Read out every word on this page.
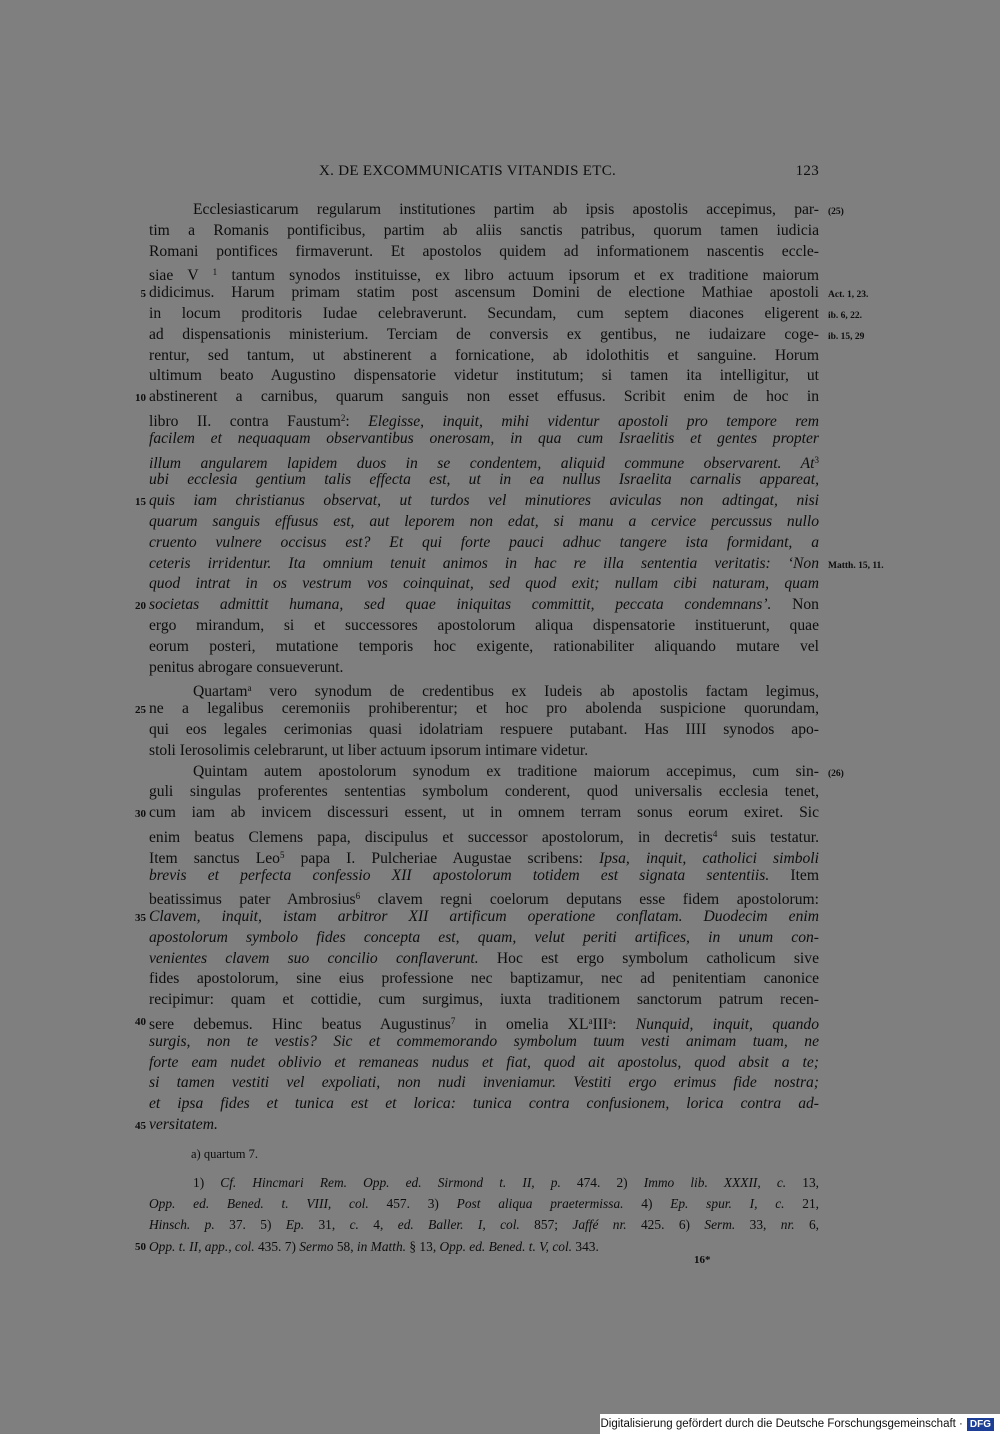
X. DE EXCOMMUNICATIS VITANDIS ETC.	123
Ecclesiasticarum regularum institutiones partim ab ipsis apostolis accepimus, par- (25)
tim a Romanis pontificibus, partim ab aliis sanctis patribus, quorum tamen iudicia
Romani pontifices firmaverunt. Et apostolos quidem ad informationem nascentis eccle-
siae V $^1$ tantum synodos instituisse, ex libro actuum ipsorum et ex traditione maiorum
5 didicimus. Harum primam statim post ascensum Domini de electione Mathiae apostoli Act. 1, 23.
in locum proditoris Iudae celebraverunt. Secundam, cum septem diacones eligerent ib. 6, 22.
ad dispensationis ministerium. Terciam de conversis ex gentibus, ne iudaizare coge- ib. 15, 29
rentur, sed tantum, ut abstinerent a fornicatione, ab idolothitis et sanguine. Horum
ultimum beato Augustino dispensatorie videtur institutum; si tamen ita intelligitur, ut
10 abstinerent a carnibus, quarum sanguis non esset effusus. Scribit enim de hoc in
libro II. contra Faustum$^2$: Elegisse, inquit, mihi videntur apostoli pro tempore rem
facilem et nequaquam observantibus onerosam, in qua cum Israelitis et gentes propter
illum angularem lapidem duos in se condentem, aliquid commune observarent. At$^3$
ubi ecclesia gentium talis effecta est, ut in ea nullus Israelita carnalis appareat,
15 quis iam christianus observat, ut turdos vel minutiores aviculas non adtingat, nisi
quarum sanguis effusus est, aut leporem non edat, si manu a cervice percussus nullo
cruento vulnere occisus est? Et qui forte pauci adhuc tangere ista formidant, a
ceteris irridentur. Ita omnium tenuit animos in hac re illa sententia veritatis: ‘Non Matth. 15, 11.
quod intrat in os vestrum vos coinquinat, sed quod exit; nullam cibi naturam, quam
20 societas admittit humana, sed quae iniquitas committit, peccata condemnans’. Non
ergo mirandum, si et successores apostolorum aliqua dispensatorie instituerunt, quae
eorum posteri, mutatione temporis hoc exigente, rationabiliter aliquando mutare vel
penitus abrogare consueverunt.
Quartam$^a$ vero synodum de credentibus ex Iudeis ab apostolis factam legimus,
25 ne a legalibus ceremoniis prohiberentur; et hoc pro abolenda suspicione quorundam,
qui eos legales cerimonias quasi idolatriam respuere putabant. Has IIII synodos apo-
stoli Ierosolimis celebrarunt, ut liber actuum ipsorum intimare videtur.
Quintam autem apostolorum synodum ex traditione maiorum accepimus, cum sin- (26)
guli singulas proferentes sententias symbolum conderent, quod universalis ecclesia tenet,
30 cum iam ab invicem discessuri essent, ut in omnem terram sonus eorum exiret. Sic
enim beatus Clemens papa, discipulus et successor apostolorum, in decretis$^4$ suis testatur.
Item sanctus Leo$^5$ papa I. Pulcheriae Augustae scribens: Ipsa, inquit, catholici simboli
brevis et perfecta confessio XII apostolorum totidem est signata sententiis. Item
beatissimus pater Ambrosius$^6$ clavem regni coelorum deputans esse fidem apostolorum:
35 Clavem, inquit, istam arbitror XII artificum operatione conflatam. Duodecim enim
apostolorum symbolo fides concepta est, quam, velut periti artifices, in unum con-
venientes clavem suo concilio conflaverunt. Hoc est ergo symbolum catholicum sive
fides apostolorum, sine eius professione nec baptizamur, nec ad penitentiam canonice
recipimur: quam et cottidie, cum surgimus, iuxta traditionem sanctorum patrum recen-
40 sere debemus. Hinc beatus Augustinus$^7$ in omelia $XL^aIII^a$: Nunquid, inquit, quando
surgis, non te vestis? Sic et commemorando symbolum tuum vesti animam tuam, ne
forte eam nudet oblivio et remaneas nudus et fiat, quod ait apostolus, quod absit a te;
si tamen vestiti vel expoliati, non nudi inveniamur. Vestiti ergo erimus fide nostra;
et ipsa fides et tunica est et lorica: tunica contra confusionem, lorica contra ad-
45 versitatem.
a) quartum 7.
1) Cf. Hincmari Rem. Opp. ed. Sirmond t. II, p. 474. 2) Immo lib. XXXII, c. 13,
Opp. ed. Bened. t. VIII, col. 457. 3) Post aliqua praetermissa. 4) Ep. spur. I, c. 21,
Hinsch. p. 37. 5) Ep. 31, c. 4, ed. Baller. I, col. 857; Jaffé nr. 425. 6) Serm. 33, nr. 6,
50 Opp. t. II, app., col. 435. 7) Sermo 58, in Matth. § 13, Opp. ed. Bened. t. V, col. 343.
16*
Digitalisierung gefördert durch die Deutsche Forschungsgemeinschaft · DFG
